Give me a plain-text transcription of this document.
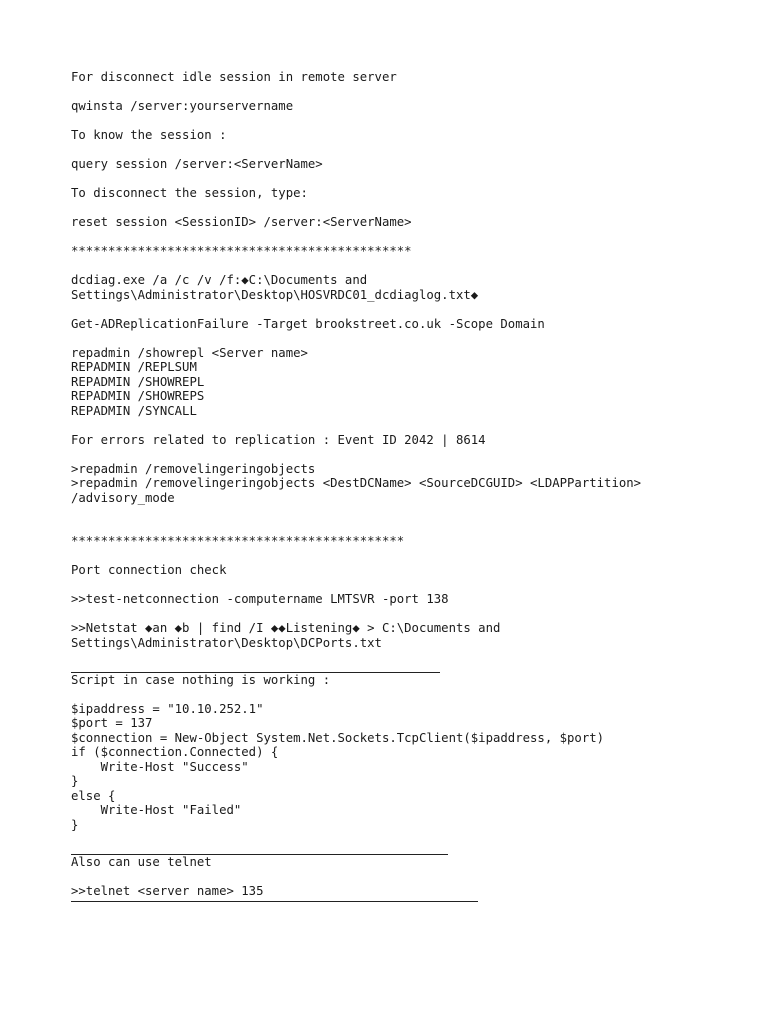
For disconnect idle session in remote server

qwinsta /server:yourservername

To know the session :

query session /server:<ServerName>

To disconnect the session, type:

reset session <SessionID> /server:<ServerName>

**********************************************

dcdiag.exe /a /c /v /f:◆C:\Documents and
Settings\Administrator\Desktop\HOSVRDC01_dcdiaglog.txt◆

Get-ADReplicationFailure -Target brookstreet.co.uk -Scope Domain

repadmin /showrepl <Server name>
REPADMIN /REPLSUM
REPADMIN /SHOWREPL
REPADMIN /SHOWREPS
REPADMIN /SYNCALL

For errors related to replication : Event ID 2042 | 8614

>repadmin /removelingeringobjects
>repadmin /removelingeringobjects <DestDCName> <SourceDCGUID> <LDAPPartition>
/advisory_mode

*********************************************

Port connection check

>>test-netconnection -computername LMTSVR -port 138

>>Netstat ◆an ◆b | find /I ◆◆Listening◆ > C:\Documents and
Settings\Administrator\Desktop\DCPorts.txt

Script in case nothing is working :

$ipaddress = "10.10.252.1"
$port = 137
$connection = New-Object System.Net.Sockets.TcpClient($ipaddress, $port)
if ($connection.Connected) {
Write-Host "Success"
}
else {
Write-Host "Failed"
}

Also can use telnet

>>telnet <server name> 135
